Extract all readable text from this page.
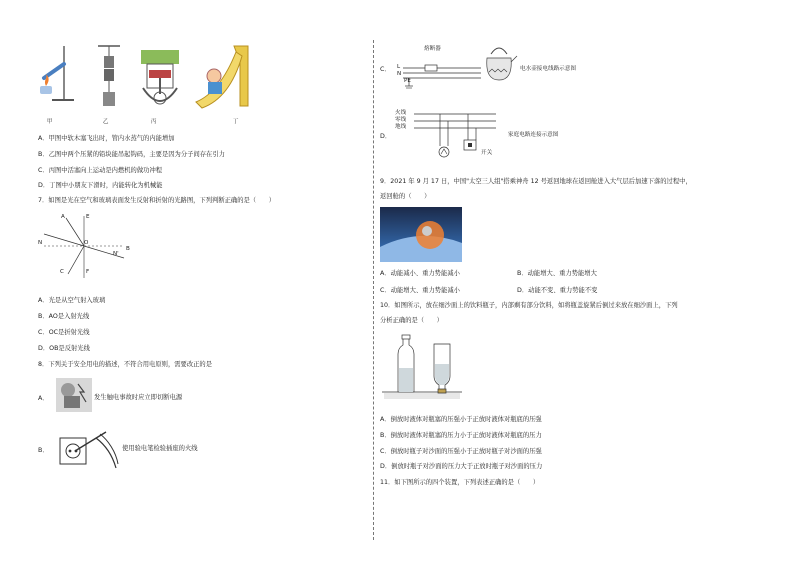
甲	乙	丙	丁
A．甲图中软木塞飞出时，管内水蒸气的内能增加
B．乙图中两个压紧的铅块能吊起钩码，主要是因为分子间存在引力
C．丙图中活塞向上运动是内燃机的做功冲程
D．丁图中小朋友下滑时，内能转化为机械能
7．如图是光在空气和玻璃表面发生反射和折射的光路图，下列判断正确的是（　　）
A	E
N	O
N'
C	F
B
A．光是从空气射入玻璃
B．AO是入射光线
C．OC是折射光线
D．OB是反射光线
8．下列关于安全用电的描述，不符合用电原则，需要改正的是
A．	发生触电事故时应立即切断电源
B．	使用验电笔检验插座的火线
C．
熔断器
L
N
PE
电水壶接电线路示意图
D．
火线
零线
地线
家庭电路连接示意图
开关
9．2021 年 9 月 17 日，中国"太空三人组"搭乘神舟 12 号返回地球在返回舱进入大气层后加速下落的过程中，
返回舱的（　　）
A．动能减小、重力势能减小	B．动能增大、重力势能增大
C．动能增大、重力势能减小	D．动能不变、重力势能不变
10．如图所示，放在细沙面上的饮料瓶子，内部剩有部分饮料，如将瓶盖旋紧后倒过来放在细沙面上，下列
分析正确的是（　　）
A．倒放时液体对瓶塞的压强小于正放时液体对瓶底的压强
B．倒放时液体对瓶塞的压力小于正放时液体对瓶底的压力
C．倒放时瓶子对沙面的压强小于正放时瓶子对沙面的压强
D．倒放时瓶子对沙面的压力大于正放时瓶子对沙面的压力
11．如下图所示的四个装置，下列表述正确的是（　　）
